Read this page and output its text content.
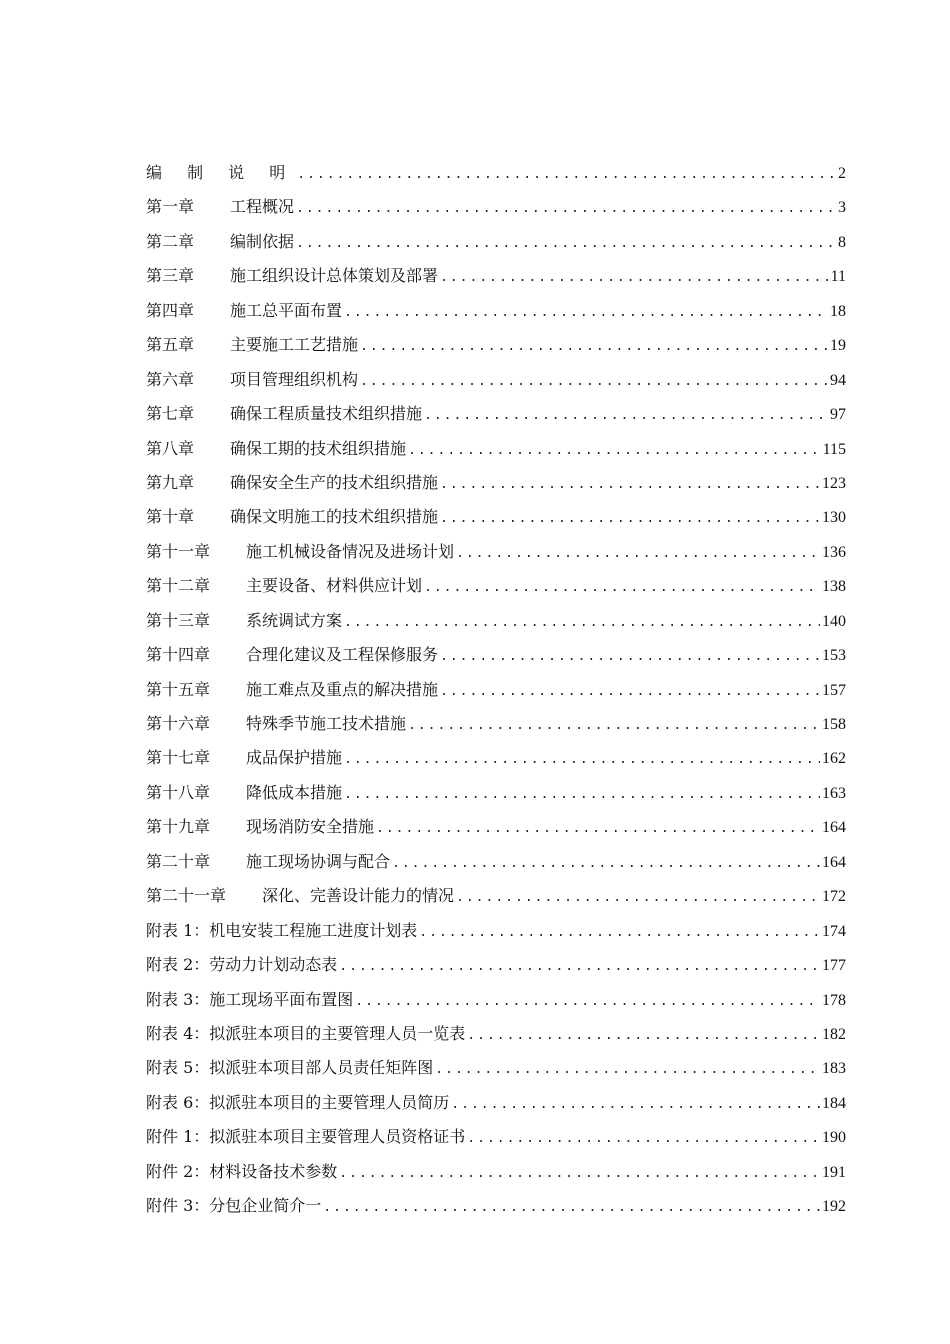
编 制 说 明 .....	2
第一章 工程概况 .....	3
第二章 编制依据 .....	8
第三章 施工组织设计总体策划及部署 .....	11
第四章 施工总平面布置 .....	18
第五章 主要施工工艺措施 .....	19
第六章 项目管理组织机构 .....	94
第七章 确保工程质量技术组织措施 .....	97
第八章 确保工期的技术组织措施 .....	115
第九章 确保安全生产的技术组织措施 .....	123
第十章 确保文明施工的技术组织措施 .....	130
第十一章 施工机械设备情况及进场计划 .....	136
第十二章 主要设备、材料供应计划 .....	138
第十三章 系统调试方案 .....	140
第十四章 合理化建议及工程保修服务 .....	153
第十五章 施工难点及重点的解决措施 .....	157
第十六章 特殊季节施工技术措施 .....	158
第十七章 成品保护措施 .....	162
第十八章 降低成本措施 .....	163
第十九章 现场消防安全措施 .....	164
第二十章 施工现场协调与配合 .....	164
第二十一章 深化、完善设计能力的情况 .....	172
附表 1： 机电安装工程施工进度计划表 .....	174
附表 2： 劳动力计划动态表 .....	177
附表 3： 施工现场平面布置图 .....	178
附表 4： 拟派驻本项目的主要管理人员一览表 .....	182
附表 5： 拟派驻本项目部人员责任矩阵图 .....	183
附表 6： 拟派驻本项目的主要管理人员简历 .....	184
附件 1： 拟派驻本项目主要管理人员资格证书 .....	190
附件 2： 材料设备技术参数 .....	191
附件 3： 分包企业简介一 .....	192
